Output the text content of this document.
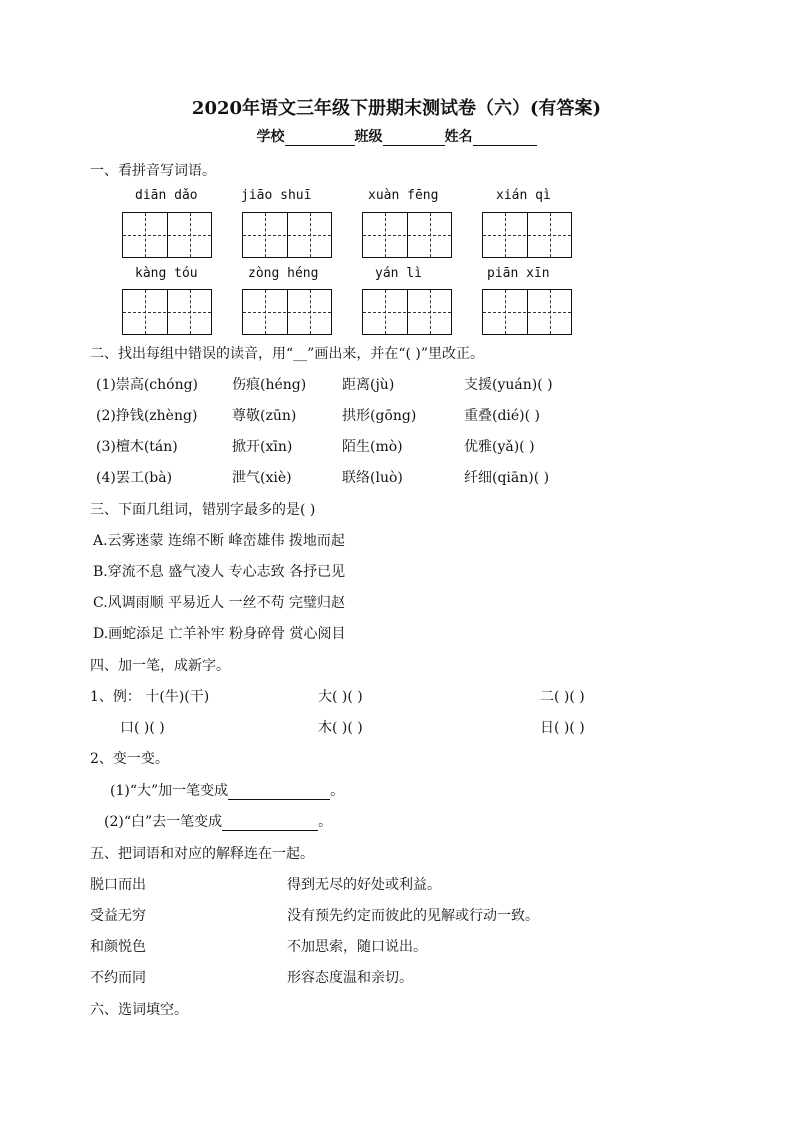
2020年语文三年级下册期末测试卷（六）(有答案)
学校	班级	姓名
一、看拼音写词语。
diān dǎo	jiāo shuī	xuàn fēng	xián qì
kàng tóu	zòng héng	yán lì	piān xīn
二、找出每组中错误的读音，用“__”画出来，并在“( )”里改正。
(1)崇高(chóng) 伤痕(héng)	距离(jù)	支援(yuán)( )
(2)挣钱(zhèng) 尊敬(zūn)	拱形(gōng)	重叠(dié)( )
(3)檀木(tán)	掀开(xīn)	陌生(mò)	优雅(yǎ)( )
(4)罢工(bà)	泄气(xiè)	联络(luò)	纤细(qiān)( )
三、下面几组词，错别字最多的是( )
A.云雾迷蒙 连绵不断 峰峦雄伟 拨地而起
B.穿流不息 盛气凌人 专心志致 各抒已见
C.风调雨顺 平易近人 一丝不苟 完璧归赵
D.画蛇添足 亡羊补牢 粉身碎骨 赏心阅目
四、加一笔，成新字。
1、例： 十(牛)(干)	大( )( )	二( )( )
口( )( )	木( )( )	日( )( )
2、变一变。
(1)“大”加一笔变成	。
(2)“白”去一笔变成	。
五、把词语和对应的解释连在一起。
脱口而出	得到无尽的好处或利益。
受益无穷	没有预先约定而彼此的见解或行动一致。
和颜悦色	不加思索，随口说出。
不约而同	形容态度温和亲切。
六、选词填空。
